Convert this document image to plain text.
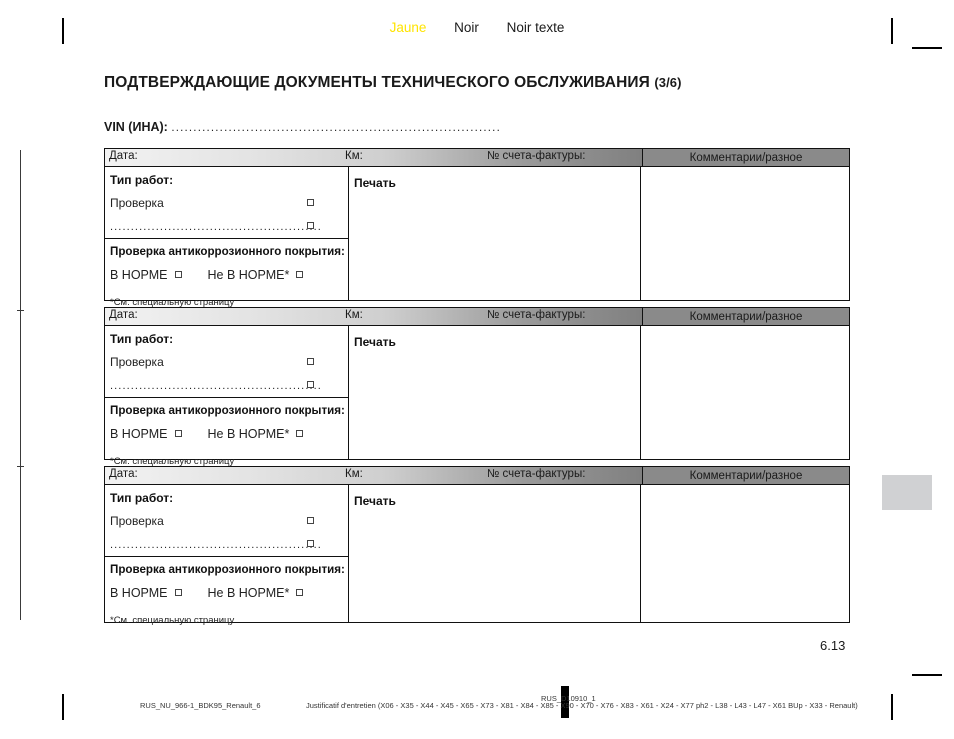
Jaune Noir Noir texte
ПОДТВЕРЖДАЮЩИЕ ДОКУМЕНТЫ ТЕХНИЧЕСКОГО ОБСЛУЖИВАНИЯ (3/6)
VIN (ИНА): ...........................................................................
Дата:	Км:	№ счета-фактуры:	Комментарии/разное
Тип работ:
Проверка
...................................................
Проверка антикоррозионного покрытия:
В НОРМЕ	Не В НОРМЕ*
*См. специальную страницу
Печать
Дата:	Км:	№ счета-фактуры:	Комментарии/разное
Тип работ:
Проверка
...................................................
Проверка антикоррозионного покрытия:
В НОРМЕ	Не В НОРМЕ*
*См. специальную страницу
Печать
Дата:	Км:	№ счета-фактуры:	Комментарии/разное
Тип работ:
Проверка
...................................................
Проверка антикоррозионного покрытия:
В НОРМЕ	Не В НОРМЕ*
*См. специальную страницу
Печать
6.13
RUS_NU_966-1_BDK95_Renault_6	Justificatif d'entretien (X06 - X35 - X44 - X45 - X65 - X73 - X81 - X84 - X85 - X90 - X70 - X76 - X83 - X61 - X24 - X77 ph2 - L38 - L43 - L47 - X61 BUp - X33 - Renault)
RUS_D10910_1
